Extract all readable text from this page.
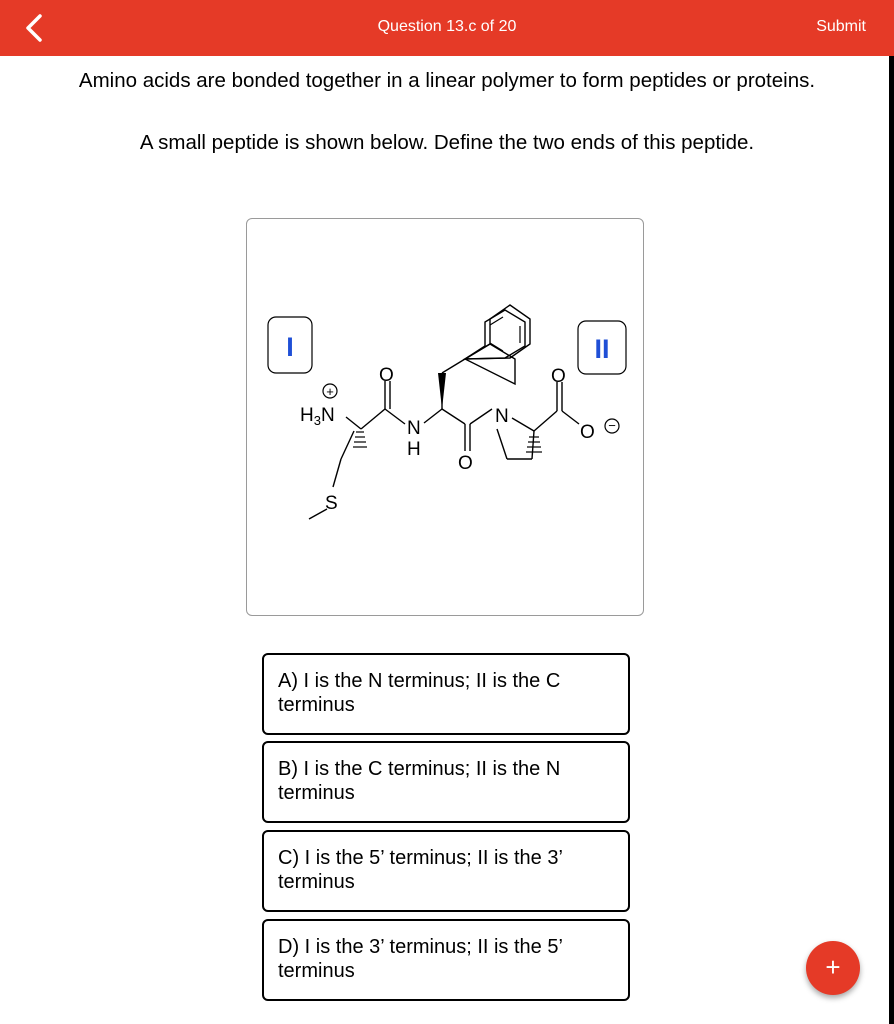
Question 13.c of 20	Submit
Amino acids are bonded together in a linear polymer to form peptides or proteins.
A small peptide is shown below. Define the two ends of this peptide.
I	II
+
$H_3N$
O
N
H
O
N
O
O
S
−
A) I is the N terminus; II is the C terminus
B) I is the C terminus; II is the N terminus
C) I is the 5’ terminus; II is the 3’ terminus
D) I is the 3’ terminus; II is the 5’ terminus	+
